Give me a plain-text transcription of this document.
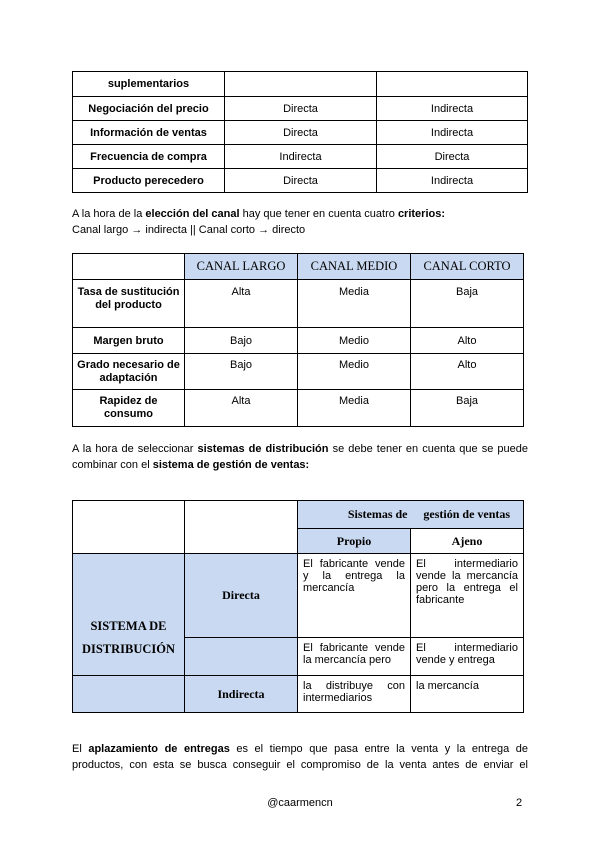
suplementarios		
Negociación del precio	Directa	Indirecta
Información de ventas	Directa	Indirecta
Frecuencia de compra	Indirecta	Directa
Producto perecedero	Directa	Indirecta
A la hora de la elección del canal hay que tener en cuenta cuatro criterios:
Canal largo → indirecta || Canal corto → directo
	CANAL LARGO	CANAL MEDIO	CANAL CORTO
Tasa de sustitución del producto	Alta	Media	Baja
Margen bruto	Bajo	Medio	Alto
Grado necesario de adaptación	Bajo	Medio	Alto
Rapidez de consumo	Alta	Media	Baja
A la hora de seleccionar sistemas de distribución se debe tener en cuenta que se puede
combinar con el sistema de gestión de ventas:
		Sistemas de	gestión de ventas
		Propio	Ajeno
SISTEMA DE	Directa	El fabricante vende y la entrega la mercancía	El intermediario vende la mercancía pero la entrega el fabricante
DISTRIBUCIÓN		El fabricante vende la mercancía pero	El intermediario vende y entrega
	Indirecta	la distribuye con intermediarios	la mercancía
El aplazamiento de entregas es el tiempo que pasa entre la venta y la entrega de
productos, con esta se busca conseguir el compromiso de la venta antes de enviar el
@caarmencn	2
